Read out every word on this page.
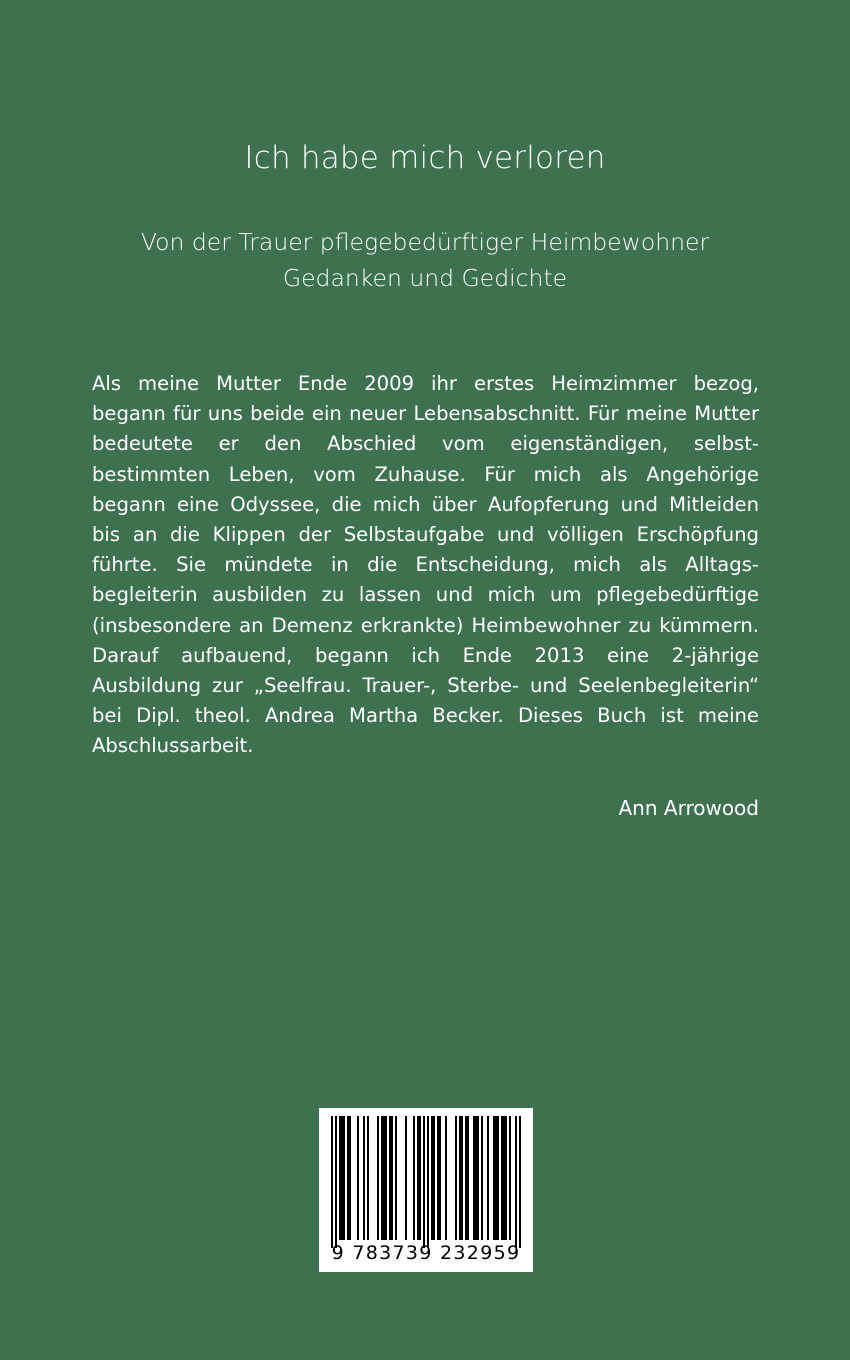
Ich habe mich verloren
Von der Trauer pflegebedürftiger Heimbewohner
Gedanken und Gedichte
Als meine Mutter Ende 2009 ihr erstes Heimzimmer bezog,
begann für uns beide ein neuer Lebensabschnitt. Für meine Mutter
bedeutete er den Abschied vom eigenständigen, selbst-
bestimmten Leben, vom Zuhause. Für mich als Angehörige
begann eine Odyssee, die mich über Aufopferung und Mitleiden
bis an die Klippen der Selbstaufgabe und völligen Erschöpfung
führte. Sie mündete in die Entscheidung, mich als Alltags-
begleiterin ausbilden zu lassen und mich um pflegebedürftige
(insbesondere an Demenz erkrankte) Heimbewohner zu kümmern.
Darauf aufbauend, begann ich Ende 2013 eine 2-jährige
Ausbildung zur „Seelfrau. Trauer-, Sterbe- und Seelenbegleiterin“
bei Dipl. theol. Andrea Martha Becker. Dieses Buch ist meine
Abschlussarbeit.
Ann Arrowood
9 783739 232959
